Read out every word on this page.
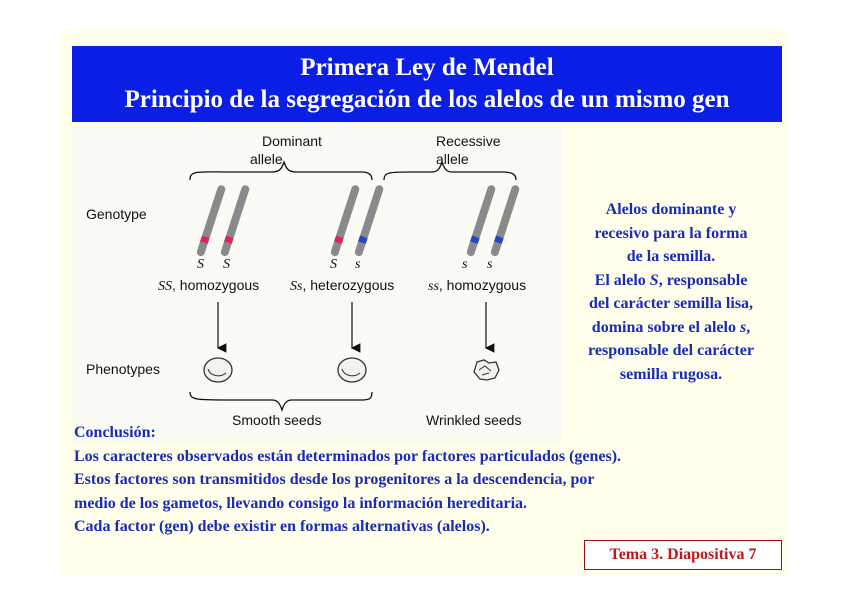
Primera Ley de Mendel
Principio de la segregación de los alelos de un mismo gen
Dominant
allele
Recessive
allele
Genotype
S S	S s	s s
SS, homozygous Ss, heterozygous ss, homozygous
Phenotypes
Smooth seeds	Wrinkled seeds
Alelos dominante y
recesivo para la forma
de la semilla.
El alelo S, responsable
del carácter semilla lisa,
domina sobre el alelo s,
responsable del carácter
semilla rugosa.
Conclusión:
Los caracteres observados están determinados por factores particulados (genes).
Estos factores son transmitidos desde los progenitores a la descendencia, por
medio de los gametos, llevando consigo la información hereditaria.
Cada factor (gen) debe existir en formas alternativas (alelos).
Tema 3. Diapositiva 7
